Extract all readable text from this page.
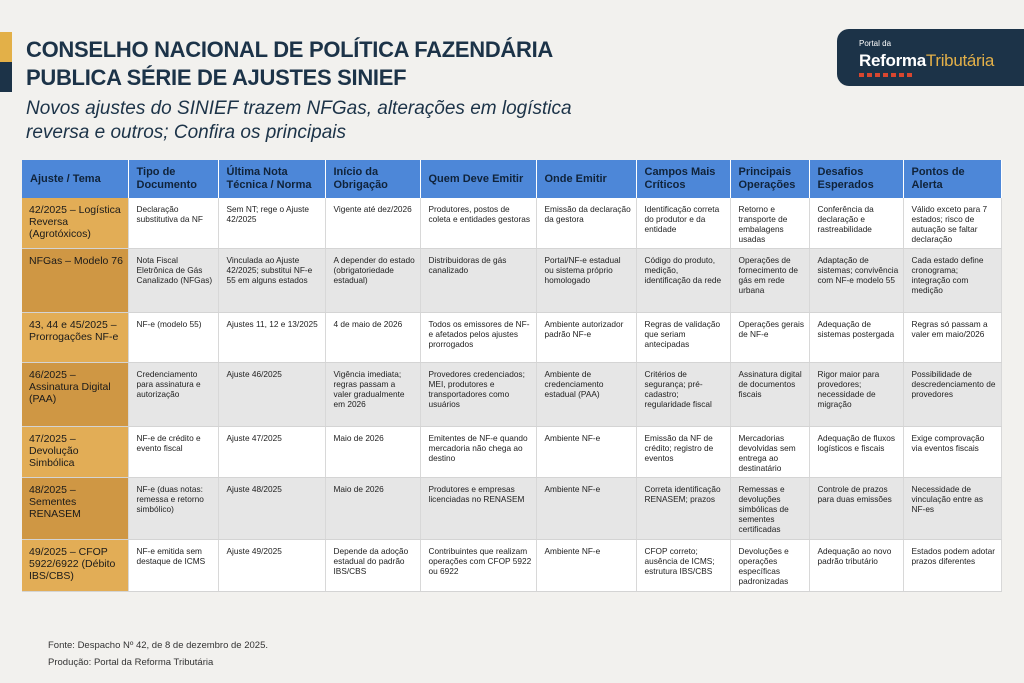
CONSELHO NACIONAL DE POLÍTICA FAZENDÁRIA
PUBLICA SÉRIE DE AJUSTES SINIEF
Novos ajustes do SINIEF trazem NFGas, alterações em logística reversa e outros; Confira os principais
Portal da
ReformaTributária
Ajuste / Tema	Tipo de Documento	Última Nota Técnica / Norma	Início da Obrigação	Quem Deve Emitir	Onde Emitir	Campos Mais Críticos	Principais Operações	Desafios Esperados	Pontos de Alerta
42/2025 – Logística Reversa (Agrotóxicos)	Declaração substitutiva da NF	Sem NT; rege o Ajuste 42/2025	Vigente até dez/2026	Produtores, postos de coleta e entidades gestoras	Emissão da declaração da gestora	Identificação correta do produtor e da entidade	Retorno e transporte de embalagens usadas	Conferência da declaração e rastreabilidade	Válido exceto para 7 estados; risco de autuação se faltar declaração
NFGas – Modelo 76	Nota Fiscal Eletrônica de Gás Canalizado (NFGas)	Vinculada ao Ajuste 42/2025; substitui NF-e 55 em alguns estados	A depender do estado (obrigatoriedade estadual)	Distribuidoras de gás canalizado	Portal/NF-e estadual ou sistema próprio homologado	Código do produto, medição, identificação da rede	Operações de fornecimento de gás em rede urbana	Adaptação de sistemas; convivência com NF-e modelo 55	Cada estado define cronograma; integração com medição
43, 44 e 45/2025 – Prorrogações NF-e	NF-e (modelo 55)	Ajustes 11, 12 e 13/2025	4 de maio de 2026	Todos os emissores de NF-e afetados pelos ajustes prorrogados	Ambiente autorizador padrão NF-e	Regras de validação que seriam antecipadas	Operações gerais de NF-e	Adequação de sistemas postergada	Regras só passam a valer em maio/2026
46/2025 – Assinatura Digital (PAA)	Credenciamento para assinatura e autorização	Ajuste 46/2025	Vigência imediata; regras passam a valer gradualmente em 2026	Provedores credenciados; MEI, produtores e transportadores como usuários	Ambiente de credenciamento estadual (PAA)	Critérios de segurança; pré-cadastro; regularidade fiscal	Assinatura digital de documentos fiscais	Rigor maior para provedores; necessidade de migração	Possibilidade de descredenciamento de provedores
47/2025 – Devolução Simbólica	NF-e de crédito e evento fiscal	Ajuste 47/2025	Maio de 2026	Emitentes de NF-e quando mercadoria não chega ao destino	Ambiente NF-e	Emissão da NF de crédito; registro de eventos	Mercadorias devolvidas sem entrega ao destinatário	Adequação de fluxos logísticos e fiscais	Exige comprovação via eventos fiscais
48/2025 – Sementes RENASEM	NF-e (duas notas: remessa e retorno simbólico)	Ajuste 48/2025	Maio de 2026	Produtores e empresas licenciadas no RENASEM	Ambiente NF-e	Correta identificação RENASEM; prazos	Remessas e devoluções simbólicas de sementes certificadas	Controle de prazos para duas emissões	Necessidade de vinculação entre as NF-es
49/2025 – CFOP 5922/6922 (Débito IBS/CBS)	NF-e emitida sem destaque de ICMS	Ajuste 49/2025	Depende da adoção estadual do padrão IBS/CBS	Contribuintes que realizam operações com CFOP 5922 ou 6922	Ambiente NF-e	CFOP correto; ausência de ICMS; estrutura IBS/CBS	Devoluções e operações específicas padronizadas	Adequação ao novo padrão tributário	Estados podem adotar prazos diferentes
Fonte: Despacho Nº 42, de 8 de dezembro de 2025.
Produção: Portal da Reforma Tributária
